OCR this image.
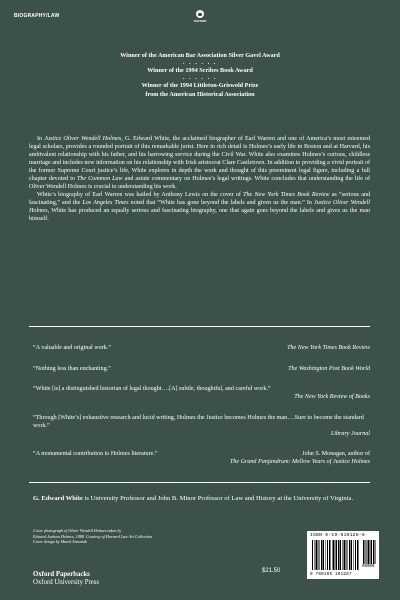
BIOGRAPHY/LAW
OXFORD

Winner of the American Bar Association Silver Gavel Award

. . . . . .

Winner of the 1994 Scribes Book Award

. . . . . .

Winner of the 1994 Littleton-Griswold Prize

from the American Historical Association

In Justice Oliver Wendell Holmes, G. Edward White, the acclaimed biographer of Earl Warren and one of America’s most esteemed legal scholars, provides a rounded portrait of this remarkable jurist. Here in rich detail is Holmes’s early life in Boston and at Harvard, his ambivalent relationship with his father, and his harrowing service during the Civil War. White also examines Holmes’s curious, childless marriage and includes new information on his relationship with Irish aristocrat Clare Castletown. In addition to providing a vivid portrait of the former Supreme Court justice’s life, White explores in depth the work and thought of this preeminent legal figure, including a full chapter devoted to The Common Law and astute commentary on Holmes’s legal writings. White concludes that understanding the life of Oliver Wendell Holmes is crucial to understanding his work.

White’s biography of Earl Warren was hailed by Anthony Lewis on the cover of The New York Times Book Review as “serious and fascinating,” and the Los Angeles Times noted that “White has gone beyond the labels and given us the man.” In Justice Oliver Wendell Holmes, White has produced an equally serious and fascinating biography, one that again goes beyond the labels and gives us the man himself.

“A valuable and original work.”	The New York Times Book Review
“Nothing less than enchanting.”	The Washington Post Book World
“White [is] a distinguished historian of legal thought….[A] subtle, thoughtful, and careful work.”
The New York Review of Books
“Through [White’s] exhaustive research and lucid writing, Holmes the Justice becomes Holmes the man….Sure to become the standard work.”
Library Journal
“A monumental contribution to Holmes literature.”	John S. Monagan, author of
The Grand Panjandrum: Mellow Years of Justice Holmes
G. Edward White is University Professor and John B. Minor Professor of Law and History at the University of Virginia.
Cover photograph of Oliver Wendell Holmes taken by
Edward Jackson Holmes, 1888. Courtesy of Harvard Law Art Collection
Cover design by Marek Antoniak
Oxford Paperbacks
Oxford University Press
$21.50
ISBN 0-19-510128-6
90000
9 780195 101287
